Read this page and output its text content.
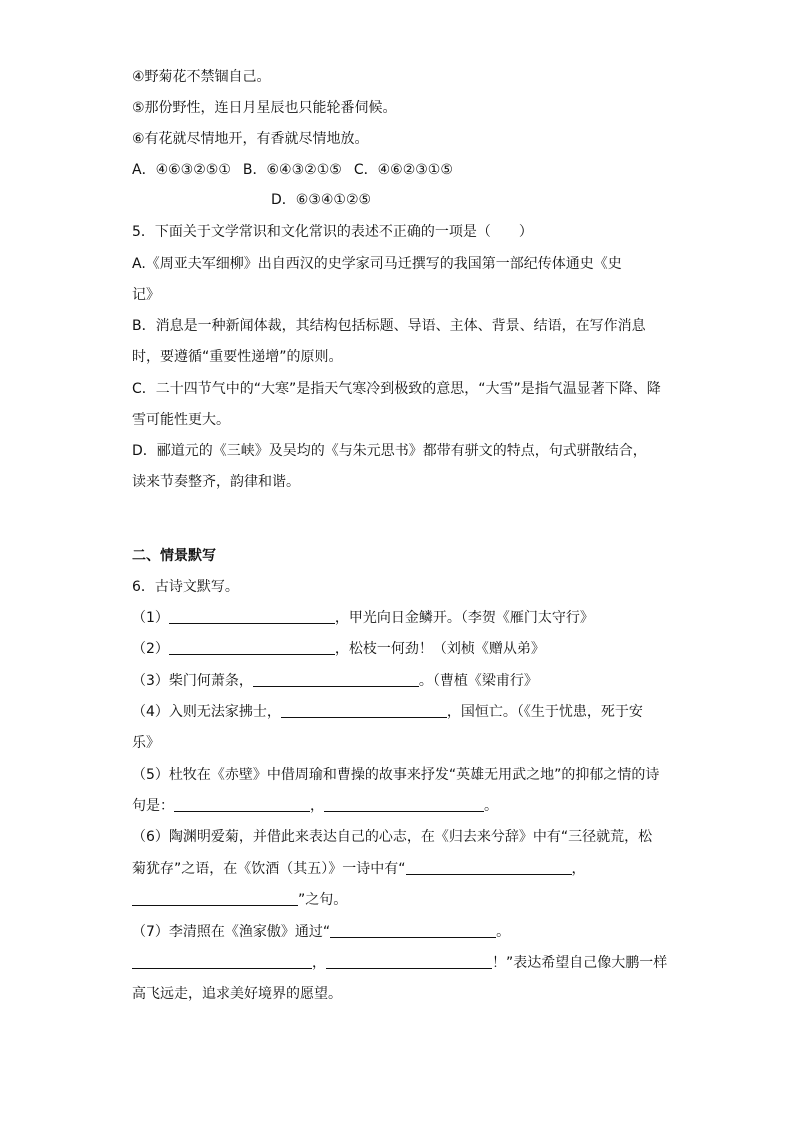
④野菊花不禁锢自己。
⑤那份野性，连日月星辰也只能轮番伺候。
⑥有花就尽情地开，有香就尽情地放。
A．④⑥③②⑤① B．⑥④③②①⑤ C．④⑥②③①⑤
D．⑥③④①②⑤
5．下面关于文学常识和文化常识的表述不正确的一项是（　　）
A.《周亚夫军细柳》出自西汉的史学家司马迁撰写的我国第一部纪传体通史《史
记》
B．消息是一种新闻体裁，其结构包括标题、导语、主体、背景、结语，在写作消息
时，要遵循“重要性递增”的原则。
C．二十四节气中的“大寒”是指天气寒冷到极致的意思，“大雪”是指气温显著下降、降
雪可能性更大。
D．郦道元的《三峡》及吴均的《与朱元思书》都带有骈文的特点，句式骈散结合，
读来节奏整齐，韵律和谐。
二、情景默写
6．古诗文默写。
（1）	，甲光向日金鳞开。（李贺《雁门太守行》
（2）	，松枝一何劲！（刘桢《赠从弟》
（3）柴门何萧条，	。（曹植《梁甫行》
（4）入则无法家拂士，	，国恒亡。（《生于忧患，死于安
乐》
（5）杜牧在《赤壁》中借周瑜和曹操的故事来抒发“英雄无用武之地”的抑郁之情的诗
句是：	，	。
（6）陶渊明爱菊，并借此来表达自己的心志，在《归去来兮辞》中有“三径就荒，松
菊犹存”之语，在《饮酒（其五）》一诗中有“	，
”之句。
（7）李清照在《渔家傲》通过“	。
，	！”表达希望自己像大鹏一样
高飞远走，追求美好境界的愿望。
